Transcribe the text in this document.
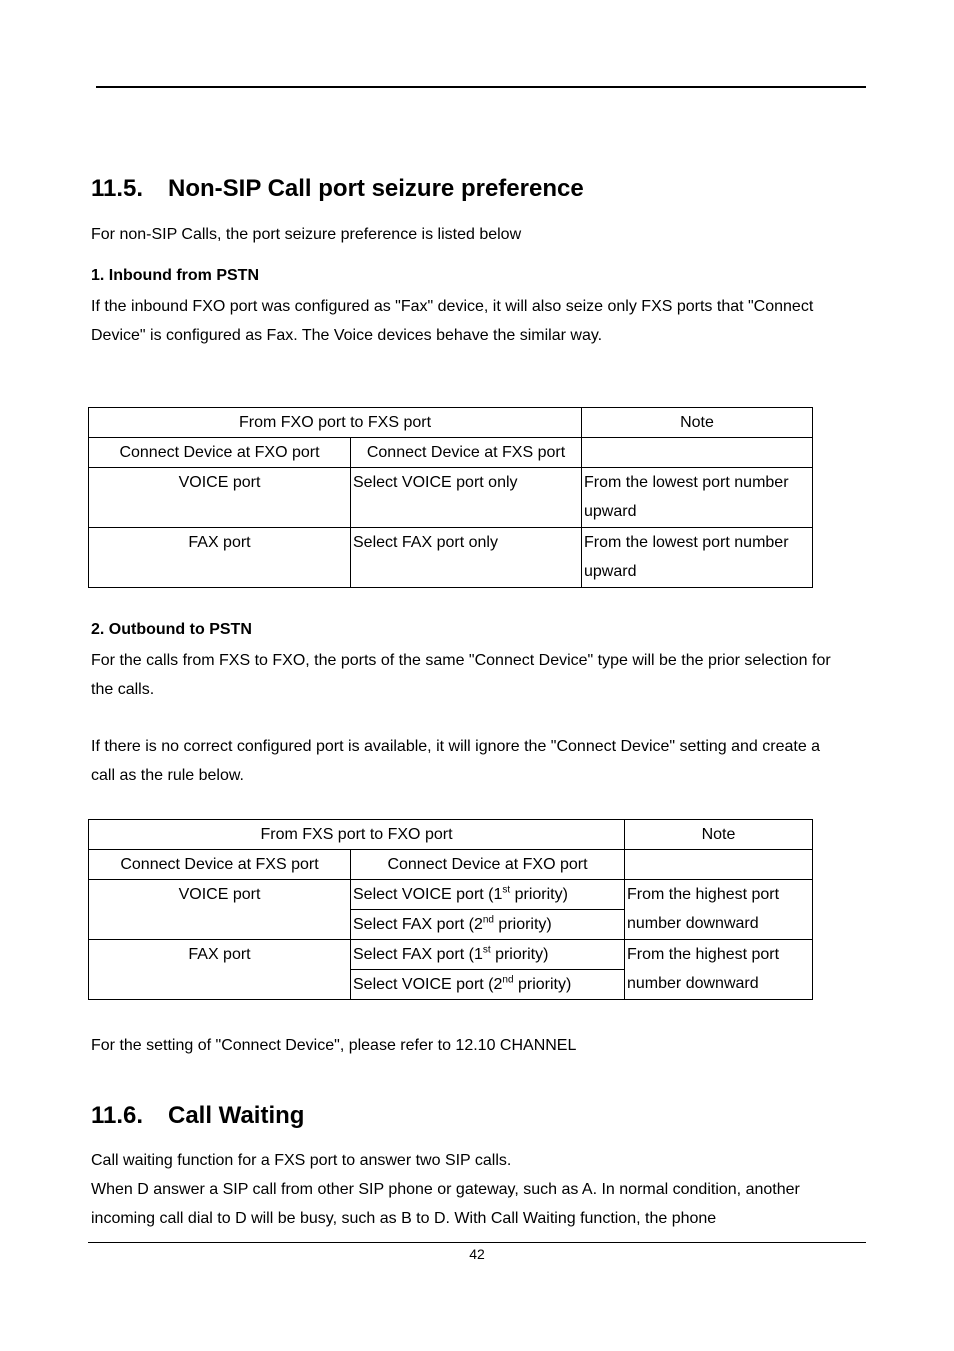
11.5. Non-SIP Call port seizure preference

For non-SIP Calls, the port seizure preference is listed below

1. Inbound from PSTN

If the inbound FXO port was configured as "Fax" device, it will also seize only FXS ports that "Connect Device" is configured as Fax. The Voice devices behave the similar way.

From FXO port to FXS port		Note
Connect Device at FXO port	Connect Device at FXS port	
VOICE port	Select VOICE port only	From the lowest port number upward
FAX port	Select FAX port only	From the lowest port number upward
2. Outbound to PSTN

For the calls from FXS to FXO, the ports of the same "Connect Device" type will be the prior selection for the calls.

If there is no correct configured port is available, it will ignore the "Connect Device" setting and create a call as the rule below.

From FXS port to FXO port		Note
Connect Device at FXS port	Connect Device at FXO port	
VOICE port	Select VOICE port (1st priority)	From the highest port number downward
	Select FAX port (2nd priority)	
FAX port	Select FAX port (1st priority)	From the highest port number downward
	Select VOICE port (2nd priority)	

For the setting of "Connect Device", please refer to 12.10 CHANNEL

11.6. Call Waiting

Call waiting function for a FXS port to answer two SIP calls.

When D answer a SIP call from other SIP phone or gateway, such as A. In normal condition, another incoming call dial to D will be busy, such as B to D. With Call Waiting function, the phone

42
